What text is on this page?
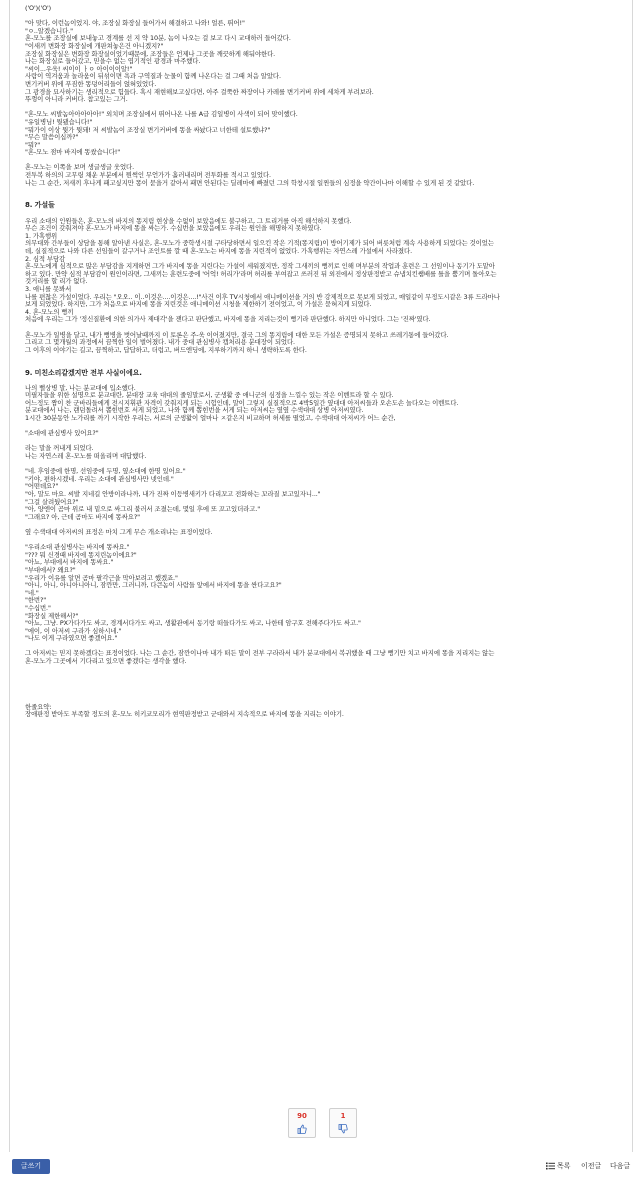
('O')('O')
"아 맞다, 이런놈이었지. 야, 조장실 화장실 들어가서 해결하고 나와! 얼른, 뛰어!"
"ㅇ..알겠습니다."
혼-모노를 조장실에 보내놓고 경계를 선 지 약 10분, 놈이 나오는 걸 보고 다시 교대하러 들어갔다.
"이새끼 변화장 화장실에 개판쳐놓은건 아니겠지?"
조장실 화장실은 변화장 화장실이었기때문에, 조장들은 언제나 그곳을 깨끗하게 해둬야한다.
나는 화장실로 들어갔고, 믿을수 없는 엽기적인 광경과 마주했다.
"씨이...우욱! 씨이이 ㅏㅇ 아이이이알!"
사람이 역겨움과 놀라움이 뒤섞이면 욕과 구역질과 눈물이 함께 나온다는 걸 그때 처음 알았다.
변기커버 위에 푸짐한 똥덩어리들이 얹혀있었다.
그 광경을 묘사하기는 생리적으로 힘들다. 혹시 재현해보고싶다면, 아주 걸쭉한 짜장이나 카레를 변기커버 위에 세차게 부려보라.
뚜껑이 아니라 커버다. 참고있는 그거.
"혼-모노 씨발놈아아아아아!" 외치며 조장실에서 뛰어나온 나를 A급 김일병이 사색이 되어 맞이했다.
"유일병님! 뭣됐습니다!"
"뭐가이 이상 뭣가 뭣돼! 저 씨발놈이 조장실 변기커버에 똥을 싸놨다고 너한테 설토했냐?"
"무슨 말씀이십까?"
"뭐?"
"혼-모노 점마 바지에 똥쌌습니다!"
혼-모노는 이쪽을 보며 생글생글 웃었다.
전투복 하의의 고무링 채운 부분에서 뭔썩인 무언가가 흘러내리며 전투화를 적시고 있었다.
나는 그 순간, 저새끼 후나게 패고싶지만 똥이 묻을거 같아서 패면 안된다는 딜레마에 빠졌던 그의 학창시절 일찐들의 심정을 약간이나마 이해할 수 있게 된 것 같았다.
8. 가설들
우리 소대의 인원들은, 혼-모노의 바지의 똥지림 현상을 수없이 보았음에도 불구하고, 그 트리거를 아직 해석하지 못했다.
무슨 조건이 갖춰져야 혼-모노가 바지에 똥을 싸는가. 수십번을 보았음에도 우리는 원인을 해명하지 못하였다.
1. 가혹행위
의무대와 간부들이 상담을 통해 알아낸 사실은, 혼-모노가 중학생시절 구타당하면서 일으킨 작은 기적(똥지림)이 방어기제가 되어 버릇처럼 계속 사용하게 되었다는 것이었는
데, 실질적으로 나와 다른 선임들이 갈구거나 조인트를 깔 때 혼-모노는 바지에 똥을 지린적이 없었다. 가혹행위는 자연스레 가설에서 사라졌다.
2. 심적 부담감
혼-모노에게 심적으로 많은 부담감을 지게하면 그가 바지에 똥을 지린다는 가설이 세워졌지만, 정작 그새끼의 뻥끼로 인해 며부분의 작업과 훈련은 그 선임이나 동기가 도맡아
하고 있다. 만약 심적 부담감이 원인이라면, 그새끼는 훈련도중에 '어억! 허리가'라며 허리를 부여잡고 쓰러진 뒤 외진에서 정상판정받고 슈냅치킨쌤배를 틀을 뿜기며 돌아오는
것거리를 할 리가 없다.
3. 애니를 못봐서
나를 편찮은 가설이었다. 우리는 "오오.. 이..이것은....이것은....!"사건 이후 TV시청에서 애니메이션을 거의 반 강제적으로 못보게 되었고, 매일같이 무정도시같은 3류 드라마나
보게 되었었다. 하지만, 그가 처음으로 바지에 똥을 지린것은 애니메이션 시청을 제한하기 전이었고, 이 가설은 묻혀지게 되었다.
4. 혼-모노의 뻥끼
처음에 우리는 그가 '정신질환에 의한 의가사 제대각'을 잰다고 판단했고, 바지에 똥을 지리는것이 뻥기라 판단했다. 하지만 아니었다. 그는 '진짜'였다.
혼-모노가 일병을 달고, 내가 뻥병을 벗어날때까지 이 토론은 주-욱 이어졌지만, 결국 그의 똥지림에 대한 모든 가설은 증명되지 못하고 쓰레기통에 들어갔다.
그리고 그 몇개월의 과정에서 끔찍한 일이 벌어졌다. 내가 중대 관심병사 캡처리용 분대장이 되었다.
그 이후의 이야기는 길고, 끔찍하고, 답답하고, 더럽고, 버드엔딩에, 지루하기까지 하니 생략하도록 한다.
9. 미친소리같겠지만 전부 사실이에요.
나의 뻘상병 말, 나는 분교대에 입소했다.
미필자들을 위한 설명으로 분교대란, 분대장 교육 대대의 줄임말로서, 군생활 중 애니군의 심정을 느낄수 있는 작은 이벤트라 할 수 있다.
어느정도 짬이 찬 군바리들에게 전시지휘관 자격이 갖춰지게 되는 시험인데, 말이 그렇지 실질적으로 4박5일간 옆대대 아저씨들과 오손도손 놀다오는 이벤트다.
분교대에서 나는, 랜덤돌려서 뽑힌번호 서게 되었고, 나와 함께 뽑힌번을 서게 되는 아저씨는 옆옆 수색대대 상병 아저씨였다.
1시간 30분동안 노가리를 까기 시작한 우리는, 서로의 군생활이 얼마나 ㅈ같은지 비교하며 허세를 떨었고, 수색대대 아저씨가 어느 순간,
"소대에 관심병사 있어요?"
라는 말을 꺼내게 되었다.
나는 자연스레 혼-모노를 떠올리며 대답했다.
"네. 후임중에 한명, 선임중에 두명, 옆소대에 한명 있어요."
"키야, 편하시겠네. 우리는 소대에 관심병사만 넷인데."
"어떤데요?"
"아, 말도 마요. 씨발 지네길 안방이라나까, 내가 진짜 이등병새키가 다리꼬고 전화하는 꼬라질 보고있자니..."
"그걸 살려뒀어요?"
"아, 양엔이 곰마 위로 내 밑으로 싸그리 불러서 조졌는데, 몇일 후에 또 꼬고있더라고."
"그래요? 아, 근데 곰마도 바지에 똥싸요?"
옆 수색대대 아저씨의 표정은 마치 그게 무슨 개소리냐는 표정이었다.
"우리소대 관심병사는 바지에 똥싸요."
"??? 뭐 신경때 바지에 똥지린놈이에요?"
"아뇨, 부대에서 바지에 똥싸요."
"부대에서? 왜요?"
"우리가 이유를 알면 곰마 팔각근을 막아보려고 했겠죠."
"아니, 아니, 아니아니아니, 잠깐만, 그러니까, 다큰놈이 사람들 앞에서 바지에 똥을 싼다고요?"
"네."
"한번?"
"수십번."
"화장실 제한해서?"
"아뇨, 그냥. PX가다가도 싸고, 경계서다가도 싸고, 생활관에서 동기랑 떠들다가도 싸고, 나한테 암구호 전해주다가도 싸고."
"에이, 이 아저씨 구라가 심하시네."
"나도 이게 구라였으면 좋겠어요."
그 아저씨는 믿지 못하겠다는 표정이었다. 나는 그 순간, 잠깐이나마 내가 떠든 말이 전부 구라라서 내가 분교대에서 복귀했을 때 그냥 뻥기만 치고 바지에 똥을 지리지는 않는
혼-모노가 그곳에서 기다리고 있으면 좋겠다는 생각을 했다.
한줄요약:
장애판정 받아도 부족할 정도의 혼-모노 히키코모리가 현역판정받고 군대와서 지속적으로 바지에 똥을 지리는 이야기.
90	1
글쓰기	목록 이전글 다음글
